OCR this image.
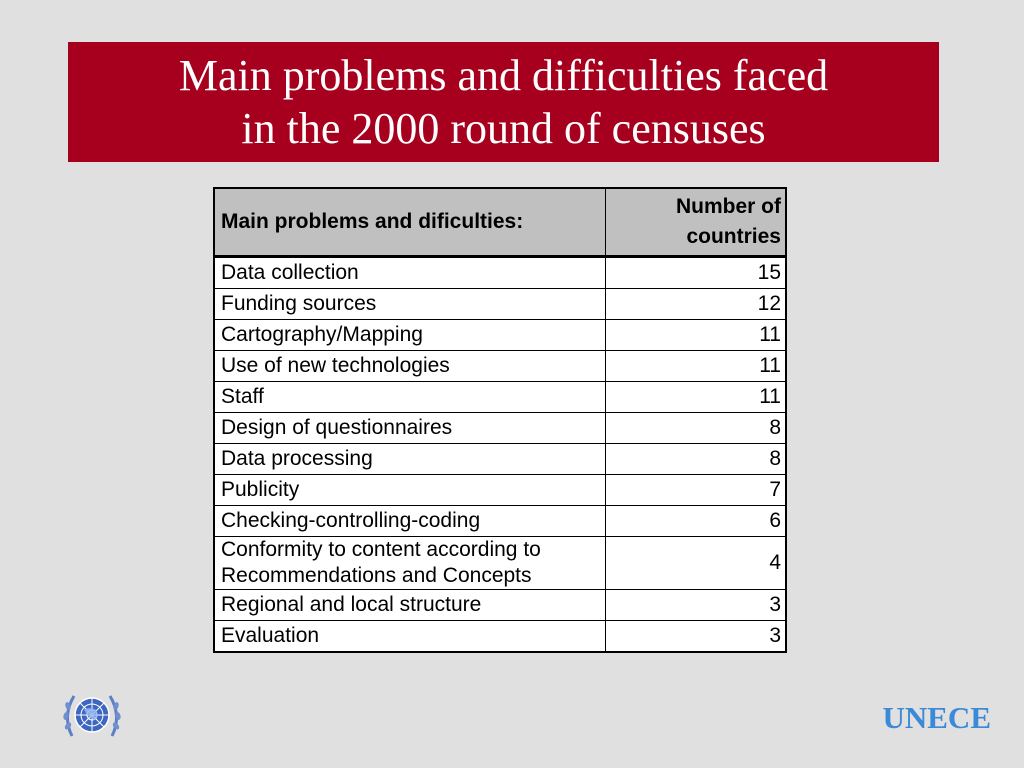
Main problems and difficulties faced
in the 2000 round of censuses
Main problems and dificulties:	Number of
countries
Data collection	15
Funding sources	12
Cartography/Mapping	11
Use of new technologies	11
Staff	11
Design of questionnaires	8
Data processing	8
Publicity	7
Checking-controlling-coding	6
Conformity to content according to
Recommendations and Concepts	4
Regional and local structure	3
Evaluation	3
UNECE
